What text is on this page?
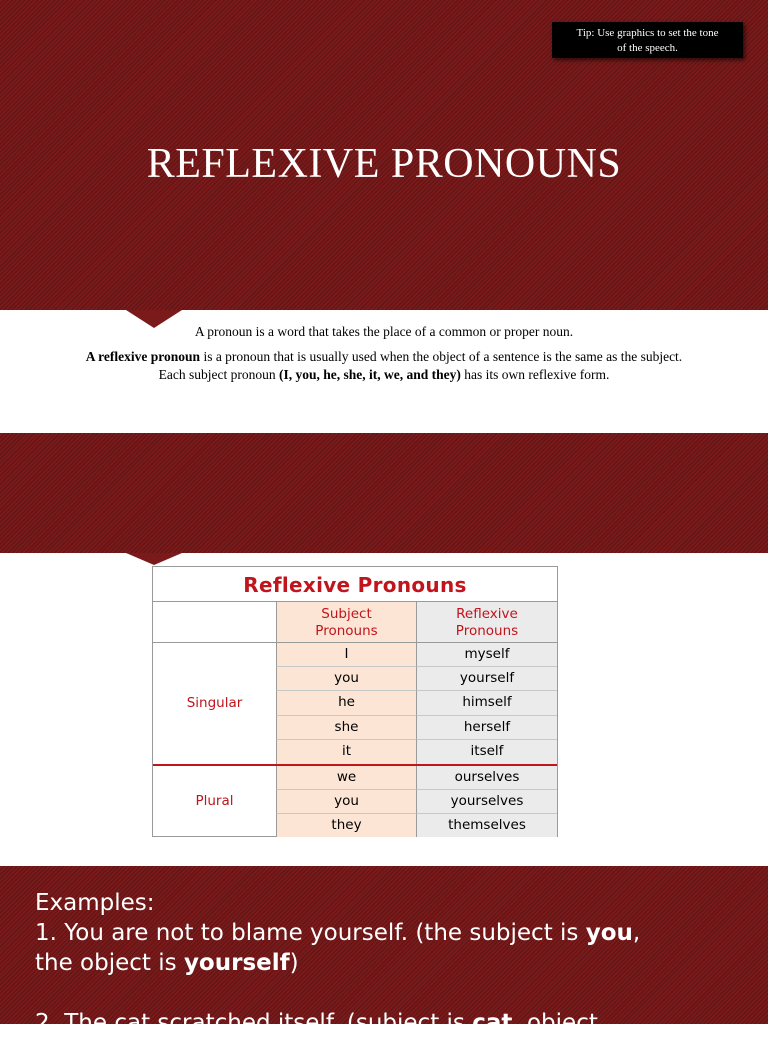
Tip: Use graphics to set the tone
of the speech.
REFLEXIVE PRONOUNS
A pronoun is a word that takes the place of a common or proper noun.
A reflexive pronoun is a pronoun that is usually used when the object of a sentence is the same as the subject.
Each subject pronoun (I, you, he, she, it, we, and they) has its own reflexive form.
Reflexive Pronouns
Subject
Pronouns
Reflexive
Pronouns
Singular
Plural
I	myself
you	yourself
he	himself
she	herself
it	itself
we	ourselves
you	yourselves
they	themselves
Examples:
1. You are not to blame yourself. (the subject is you,
the object is yourself)
2. The cat scratched itself. (subject is cat, object
